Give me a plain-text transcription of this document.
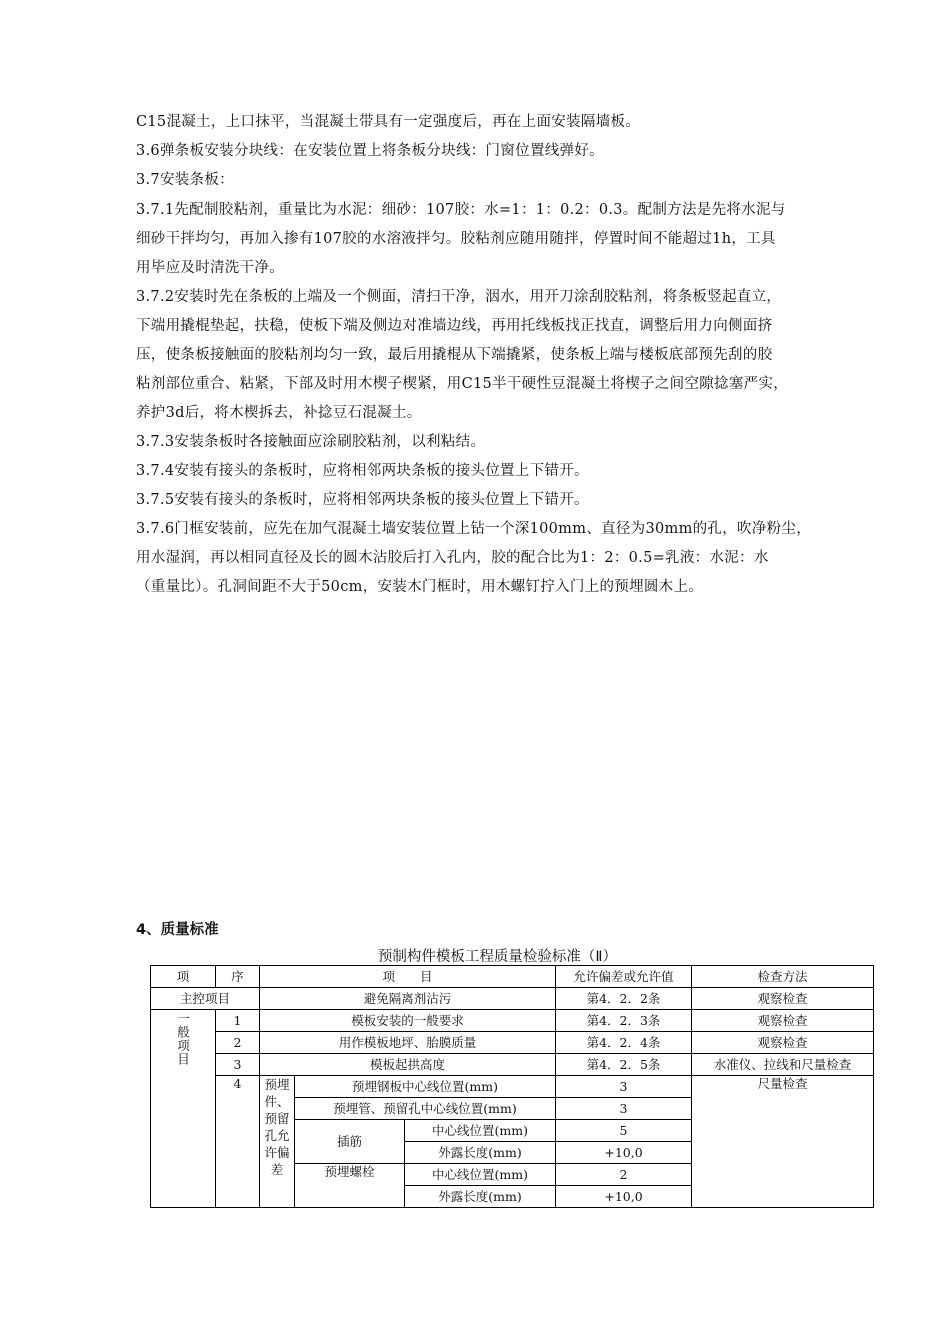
C15混凝土，上口抹平，当混凝土带具有一定强度后，再在上面安装隔墙板。
3.6弹条板安装分块线：在安装位置上将条板分块线：门窗位置线弹好。
3.7安装条板：
3.7.1先配制胶粘剂，重量比为水泥：细砂：107胶：水=1：1：0.2：0.3。配制方法是先将水泥与
细砂干拌均匀，再加入掺有107胶的水溶液拌匀。胶粘剂应随用随拌，停置时间不能超过1h，工具
用毕应及时清洗干净。
3.7.2安装时先在条板的上端及一个侧面，清扫干净，洇水，用开刀涂刮胶粘剂，将条板竖起直立，
下端用撬棍垫起，扶稳，使板下端及侧边对准墙边线，再用托线板找正找直，调整后用力向侧面挤
压，使条板接触面的胶粘剂均匀一致，最后用撬棍从下端撬紧，使条板上端与楼板底部预先刮的胶
粘剂部位重合、粘紧，下部及时用木楔子楔紧，用C15半干硬性豆混凝土将楔子之间空隙捻塞严实，
养护3d后，将木楔拆去，补捻豆石混凝土。
3.7.3安装条板时各接触面应涂刷胶粘剂，以利粘结。
3.7.4安装有接头的条板时，应将相邻两块条板的接头位置上下错开。
3.7.5安装有接头的条板时，应将相邻两块条板的接头位置上下错开。
3.7.6门框安装前，应先在加气混凝土墙安装位置上钻一个深100mm、直径为30mm的孔，吹净粉尘，
用水湿润，再以相同直径及长的圆木沾胶后打入孔内，胶的配合比为1：2：0.5=乳液：水泥：水
（重量比）。孔洞间距不大于50cm，安装木门框时，用木螺钉拧入门上的预埋圆木上。
4、质量标准
预制构件模板工程质量检验标准（Ⅱ）
项	序	项　　目			允许偏差或允许值	检查方法
主控项目		避免隔离剂沾污			第4．2．2条	观察检查
一般项目	1	模板安装的一般要求			第4．2．3条	观察检查
	2	用作模板地坪、胎膜质量			第4．2．4条	观察检查
	3	模板起拱高度			第4．2．5条	水准仪、拉线和尺量检查
	4	预埋件、预留孔允许偏差	预埋钢板中心线位置(mm)		3	尺量检查
			预埋管、预留孔中心线位置(mm)		3	
			插筋	中心线位置(mm)	5	
				外露长度(mm)	+10,0	
			预埋螺栓	中心线位置(mm)	2	
				外露长度(mm)	+10,0	
